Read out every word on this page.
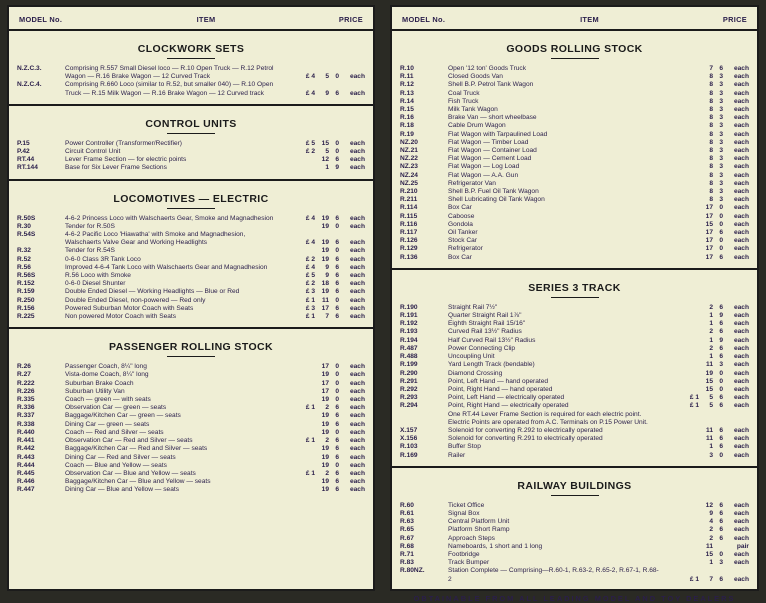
MODEL No.	ITEM	PRICE
CLOCKWORK SETS
N.Z.C.3.	Comprising R.557 Small Diesel loco — R.10 Open Truck — R.12 Petrol Wagon — R.16 Brake Wagon — 12 Curved Track	£ 4	5 0	each
N.Z.C.4.	Comprising R.660 Loco (similar to R.52, but smaller 040) — R.10 Open Truck — R.15 Milk Wagon — R.16 Brake Wagon — 12 Curved track	£ 4	9 6	each
CONTROL UNITS
P.15	Power Controller (Transformer/Rectifier)	£ 5	15 0	each
P.42	Circuit Control Unit	£ 2	5 0	each
RT.44	Lever Frame Section — for electric points	12 6	each
RT.144	Base for Six Lever Frame Sections	1 9	each
LOCOMOTIVES — ELECTRIC
R.50S	4-6-2 Princess Loco with Walschaerts Gear, Smoke and Magnadhesion	£ 4	19 6	each
R.30	Tender for R.50S	19 0	each
R.54S	4-6-2 Pacific Loco 'Hiawatha' with Smoke and Magnadhesion, Walschaerts Valve Gear and Working Headlights	£ 4	19 6	each
R.32	Tender for R.54S	19 0	each
R.52	0-6-0 Class 3R Tank Loco	£ 2	19 6	each
R.56	Improved 4-6-4 Tank Loco with Walschaerts Gear and Magnadhesion	£ 4	9 6	each
R.56S	R.56 Loco with Smoke	£ 5	9 6	each
R.152	0-6-0 Diesel Shunter	£ 2	18 6	each
R.159	Double Ended Diesel — Working Headlights — Blue or Red	£ 3	19 6	each
R.250	Double Ended Diesel, non-powered — Red only	£ 1	11 0	each
R.156	Powered Suburban Motor Coach with Seats	£ 3	17 6	each
R.225	Non powered Motor Coach with Seats	£ 1	7 6	each
PASSENGER ROLLING STOCK
R.26	Passenger Coach, 8¼" long	17 0	each
R.27	Vista-dome Coach, 8¼" long	19 0	each
R.222	Suburban Brake Coach	17 0	each
R.226	Suburban Utility Van	17 0	each
R.335	Coach — green — with seats	19 0	each
R.336	Observation Car — green — seats	£ 1	2 6	each
R.337	Baggage/Kitchen Car — green — seats	19 6	each
R.338	Dining Car — green — seats	19 6	each
R.440	Coach — Red and Silver — seats	19 0	each
R.441	Observation Car — Red and Silver — seats	£ 1	2 6	each
R.442	Baggage/Kitchen Car — Red and Silver — seats	19 6	each
R.443	Dining Car — Red and Silver — seats	19 6	each
R.444	Coach — Blue and Yellow — seats	19 0	each
R.445	Observation Car — Blue and Yellow — seats	£ 1	2 6	each
R.446	Baggage/Kitchen Car — Blue and Yellow — seats	19 6	each
R.447	Dining Car — Blue and Yellow — seats	19 6	each
MODEL No.	ITEM	PRICE
GOODS ROLLING STOCK
R.10	Open '12 ton' Goods Truck	7 6	each
R.11	Closed Goods Van	8 3	each
R.12	Shell B.P. Petrol Tank Wagon	8 3	each
R.13	Coal Truck	8 3	each
R.14	Fish Truck	8 3	each
R.15	Milk Tank Wagon	8 3	each
R.16	Brake Van — short wheelbase	8 3	each
R.18	Cable Drum Wagon	8 3	each
R.19	Flat Wagon with Tarpaulined Load	8 3	each
NZ.20	Flat Wagon — Timber Load	8 3	each
NZ.21	Flat Wagon — Container Load	8 3	each
NZ.22	Flat Wagon — Cement Load	8 3	each
NZ.23	Flat Wagon — Log Load	8 3	each
NZ.24	Flat Wagon — A.A. Gun	8 3	each
NZ.25	Refrigerator Van	8 3	each
R.210	Shell B.P. Fuel Oil Tank Wagon	8 3	each
R.211	Shell Lubricating Oil Tank Wagon	8 3	each
R.114	Box Car	17 0	each
R.115	Caboose	17 0	each
R.116	Gondola	15 0	each
R.117	Oil Tanker	17 6	each
R.126	Stock Car	17 0	each
R.129	Refrigerator	17 0	each
R.136	Box Car	17 6	each
SERIES 3 TRACK
R.190	Straight Rail 7½"	2 6	each
R.191	Quarter Straight Rail 1⅞"	1 9	each
R.192	Eighth Straight Rail 15/16"	1 6	each
R.193	Curved Rail 13½" Radius	2 6	each
R.194	Half Curved Rail 13½" Radius	1 9	each
R.487	Power Connecting Clip	2 6	each
R.488	Uncoupling Unit	1 6	each
R.199	Yard Length Track (bendable)	11 3	each
R.290	Diamond Crossing	19 0	each
R.291	Point, Left Hand — hand operated	15 0	each
R.292	Point, Right Hand — hand operated	15 0	each
R.293	Point, Left Hand — electrically operated	£ 1	5 6	each
R.294	Point, Right Hand — electrically operated	£ 1	5 6	each
One RT.44 Lever Frame Section is required for each electric point. Electric Points are operated from A.C. Terminals on P.15 Power Unit.
X.157	Solenoid for converting R.292 to electrically operated	11 6	each
X.156	Solenoid for converting R.291 to electrically operated	11 6	each
R.103	Buffer Stop	1 6	each
R.169	Railer	3 0	each
RAILWAY BUILDINGS
R.60	Ticket Office	12 6	each
R.61	Signal Box	9 6	each
R.63	Central Platform Unit	4 6	each
R.65	Platform Short Ramp	2 6	each
R.67	Approach Steps	2 6	each
R.68	Nameboards, 1 short and 1 long	11	pair
R.71	Footbridge	15 0	each
R.83	Track Bumper	1 3	each
R.80NZ.	Station Complete — Comprising—R.60-1, R.63-2, R.65-2, R.67-1, R.68-2	£ 1	7 6	each
OBTAINABLE FROM ALL LEADING MODEL AND TOY DEALERS
